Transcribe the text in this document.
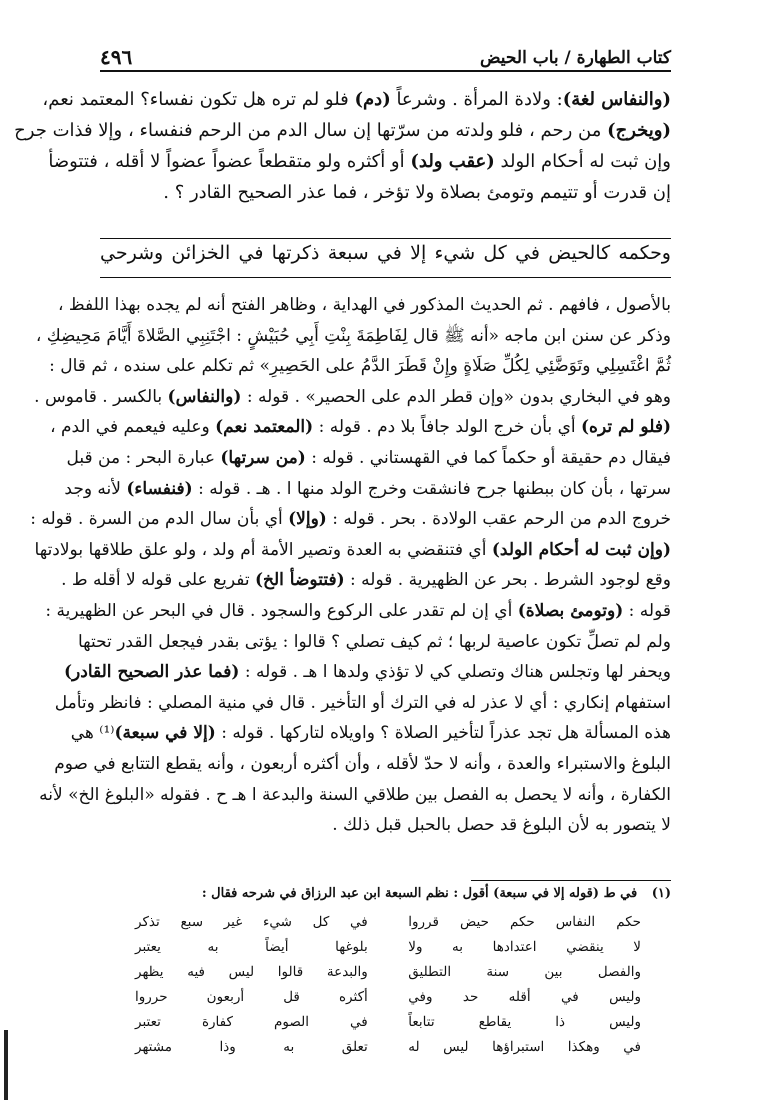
كتاب الطهارة / باب الحيض
٤٩٦
(والنفاس لغة): ولادة المرأة . وشرعاً (دم) فلو لم تره هل تكون نفساء؟ المعتمد نعم،
(ويخرج) من رحم ، فلو ولدته من سرّتها إن سال الدم من الرحم فنفساء ، وإلا فذات جرح
وإن ثبت له أحكام الولد (عقب ولد) أو أكثره ولو متقطعاً عضواً عضواً لا أقله ، فتتوضأ
إن قدرت أو تتيمم وتومئ بصلاة ولا تؤخر ، فما عذر الصحيح القادر ؟ .
وحكمه كالحيض في كل شيء إلا في سبعة ذكرتها في الخزائن وشرحي
بالأصول ، فافهم . ثم الحديث المذكور في الهداية ، وظاهر الفتح أنه لم يجده بهذا اللفظ ،
وذكر عن سنن ابن ماجه «أنه ﷺ قال لِفَاطِمَةَ بِنْتِ أَبِي حُبَيْشٍ : اجْتَنِبِي الصَّلاةَ أَيَّامَ مَحِيضِكِ ،
ثُمَّ اغْتَسِلِي وتَوَضَّئِي لِكُلِّ صَلَاةٍ وإِنْ قَطَرَ الدَّمُ على الحَصِيرِ» ثم تكلم على سنده ، ثم قال :
وهو في البخاري بدون «وإن قطر الدم على الحصير» . قوله : (والنفاس) بالكسر . قاموس .
(فلو لم تره) أي بأن خرج الولد جافاً بلا دم . قوله : (المعتمد نعم) وعليه فيعمم في الدم ،
فيقال دم حقيقة أو حكماً كما في القهستاني . قوله : (من سرتها) عبارة البحر : من قبل
سرتها ، بأن كان ببطنها جرح فانشقت وخرج الولد منها ا . هـ . قوله : (فنفساء) لأنه وجد
خروج الدم من الرحم عقب الولادة . بحر . قوله : (وإلا) أي بأن سال الدم من السرة . قوله :
(وإن ثبت له أحكام الولد) أي فتنقضي به العدة وتصير الأمة أم ولد ، ولو علق طلاقها بولادتها
وقع لوجود الشرط . بحر عن الظهيرية . قوله : (فتتوضأ الخ) تفريع على قوله لا أقله ط .
قوله : (وتومئ بصلاة) أي إن لم تقدر على الركوع والسجود . قال في البحر عن الظهيرية :
ولم لم تصلِّ تكون عاصية لربها ؛ ثم كيف تصلي ؟ قالوا : يؤتى بقدر فيجعل القدر تحتها
ويحفر لها وتجلس هناك وتصلي كي لا تؤذي ولدها ا هـ . قوله : (فما عذر الصحيح القادر)
استفهام إنكاري : أي لا عذر له في الترك أو التأخير . قال في منية المصلي : فانظر وتأمل
هذه المسألة هل تجد عذراً لتأخير الصلاة ؟ واويلاه لتاركها . قوله : (إلا في سبعة)⁽¹⁾ هي
البلوغ والاستبراء والعدة ، وأنه لا حدّ لأقله ، وأن أكثره أربعون ، وأنه يقطع التتابع في صوم
الكفارة ، وأنه لا يحصل به الفصل بين طلاقي السنة والبدعة ا هـ ح . فقوله «البلوغ الخ» لأنه
لا يتصور به لأن البلوغ قد حصل بالحبل قبل ذلك .
(١) في ط (قوله إلا في سبعة) أقول : نظم السبعة ابن عبد الرزاق في شرحه فقال :
حكم النفاس حكم حيض قرروا
في كل شيء غير سبع تذكر
لا ينقضي اعتدادها به ولا
بلوغها أيضاً به يعتبر
والفصل بين سنة التطليق
والبدعة قالوا ليس فيه يظهر
وليس في أقله حد وفي
أكثره قل أربعون حرروا
وليس ذا يقاطع تتابعاً
في الصوم كفارة تعتبر
في وهكذا استبراؤها ليس له
تعلق به وذا مشتهر
